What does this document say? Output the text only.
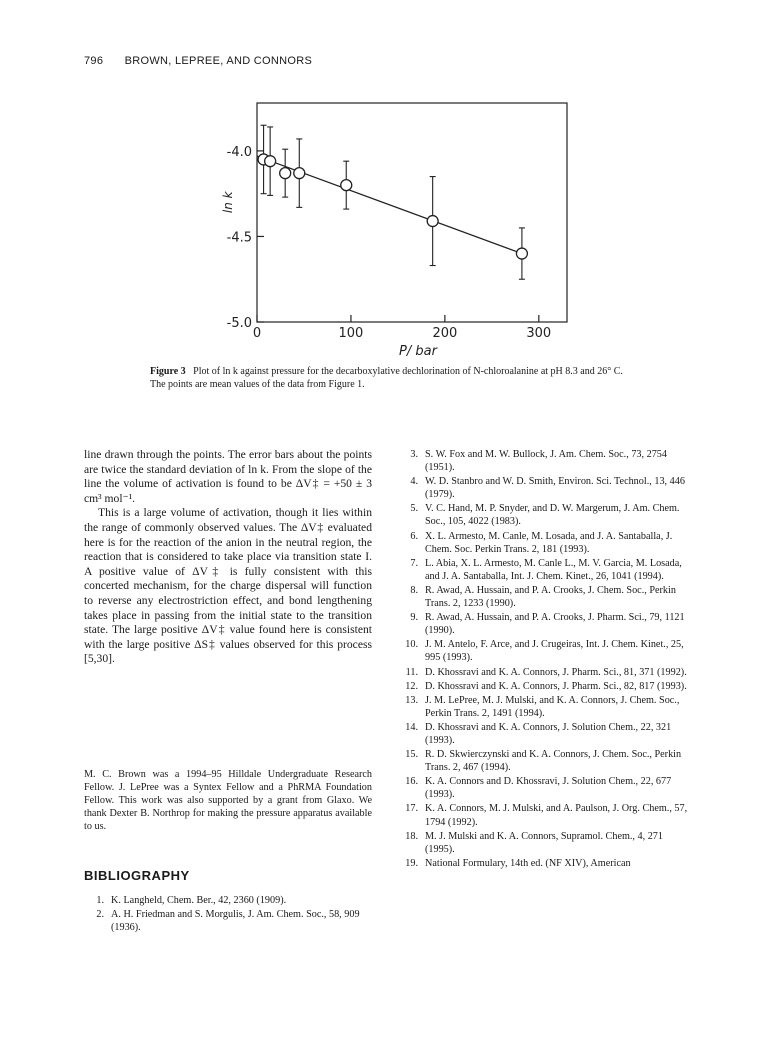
796 BROWN, LEPREE, AND CONNORS
-4.0
-4.5
-5.0
0	100	200	300
ln k
P/ bar
Figure 3 Plot of ln k against pressure for the decarboxylative dechlorination of N-chloroalanine at pH 8.3 and 26° C. The points are mean values of the data from Figure 1.

line drawn through the points. The error bars about the points are twice the standard deviation of ln k. From the slope of the line the volume of activation is found to be ΔV‡ = +50 ± 3 cm³ mol⁻¹.

This is a large volume of activation, though it lies within the range of commonly observed values. The ΔV‡ evaluated here is for the reaction of the anion in the neutral region, the reaction that is considered to take place via transition state I. A positive value of ΔV‡ is fully consistent with this concerted mechanism, for the charge dispersal will function to reverse any electrostriction effect, and bond lengthening takes place in passing from the initial state to the transition state. The large positive ΔV‡ value found here is consistent with the large positive ΔS‡ values observed for this process [5,30].

M. C. Brown was a 1994–95 Hilldale Undergraduate Research Fellow. J. LePree was a Syntex Fellow and a PhRMA Foundation Fellow. This work was also supported by a grant from Glaxo. We thank Dexter B. Northrop for making the pressure apparatus available to us.
BIBLIOGRAPHY
1. K. Langheld, Chem. Ber., 42, 2360 (1909).
2. A. H. Friedman and S. Morgulis, J. Am. Chem. Soc., 58, 909 (1936).
3. S. W. Fox and M. W. Bullock, J. Am. Chem. Soc., 73, 2754 (1951).
4. W. D. Stanbro and W. D. Smith, Environ. Sci. Technol., 13, 446 (1979).
5. V. C. Hand, M. P. Snyder, and D. W. Margerum, J. Am. Chem. Soc., 105, 4022 (1983).
6. X. L. Armesto, M. Canle, M. Losada, and J. A. Santaballa, J. Chem. Soc. Perkin Trans. 2, 181 (1993).
7. L. Abia, X. L. Armesto, M. Canle L., M. V. Garcia, M. Losada, and J. A. Santaballa, Int. J. Chem. Kinet., 26, 1041 (1994).
8. R. Awad, A. Hussain, and P. A. Crooks, J. Chem. Soc., Perkin Trans. 2, 1233 (1990).
9. R. Awad, A. Hussain, and P. A. Crooks, J. Pharm. Sci., 79, 1121 (1990).
10. J. M. Antelo, F. Arce, and J. Crugeiras, Int. J. Chem. Kinet., 25, 995 (1993).
11. D. Khossravi and K. A. Connors, J. Pharm. Sci., 81, 371 (1992).
12. D. Khossravi and K. A. Connors, J. Pharm. Sci., 82, 817 (1993).
13. J. M. LePree, M. J. Mulski, and K. A. Connors, J. Chem. Soc., Perkin Trans. 2, 1491 (1994).
14. D. Khossravi and K. A. Connors, J. Solution Chem., 22, 321 (1993).
15. R. D. Skwierczynski and K. A. Connors, J. Chem. Soc., Perkin Trans. 2, 467 (1994).
16. K. A. Connors and D. Khossravi, J. Solution Chem., 22, 677 (1993).
17. K. A. Connors, M. J. Mulski, and A. Paulson, J. Org. Chem., 57, 1794 (1992).
18. M. J. Mulski and K. A. Connors, Supramol. Chem., 4, 271 (1995).
19. National Formulary, 14th ed. (NF XIV), American
